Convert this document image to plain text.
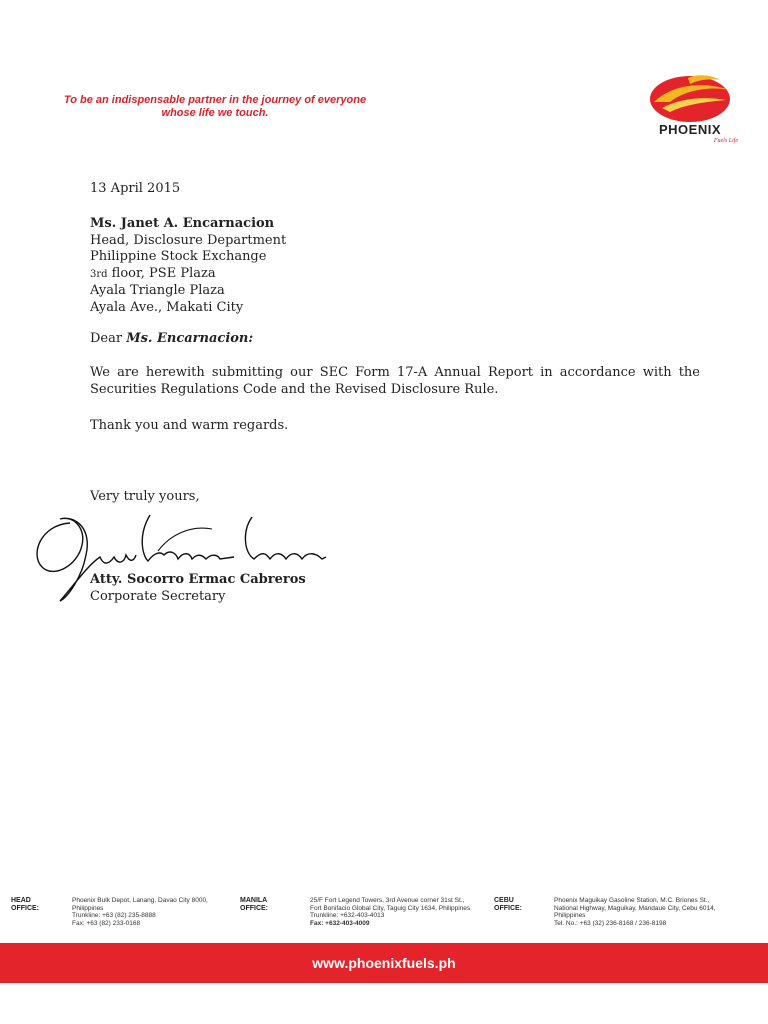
To be an indispensable partner in the journey of everyone
whose life we touch.
PHOENIX
Fuels Life
13 April 2015
Ms. Janet A. Encarnacion
Head, Disclosure Department
Philippine Stock Exchange
3rd floor, PSE Plaza
Ayala Triangle Plaza
Ayala Ave., Makati City
Dear Ms. Encarnacion:
We are herewith submitting our SEC Form 17-A Annual Report in accordance with the Securities Regulations Code and the Revised Disclosure Rule.
Thank you and warm regards.
Very truly yours,
Atty. Socorro Ermac Cabreros
Corporate Secretary
HEAD OFFICE:
Phoenix Bulk Depot, Lanang, Davao City 8000,
Philippines
Trunkline: +63 (82) 235-8888
Fax: +63 (82) 233-0168
MANILA OFFICE:
25/F Fort Legend Towers, 3rd Avenue corner 31st St.,
Fort Bonifacio Global City, Taguig City 1634, Philippines
Trunkline: +632-403-4013
Fax: +632-403-4009
CEBU OFFICE:
Phoenix Maguikay Gasoline Station, M.C. Briones St.,
National Highway, Maguikay, Mandaue City, Cebu 6014,
Philippines
Tel. No.: +63 (32) 236-8168 / 236-8198
www.phoenixfuels.ph
